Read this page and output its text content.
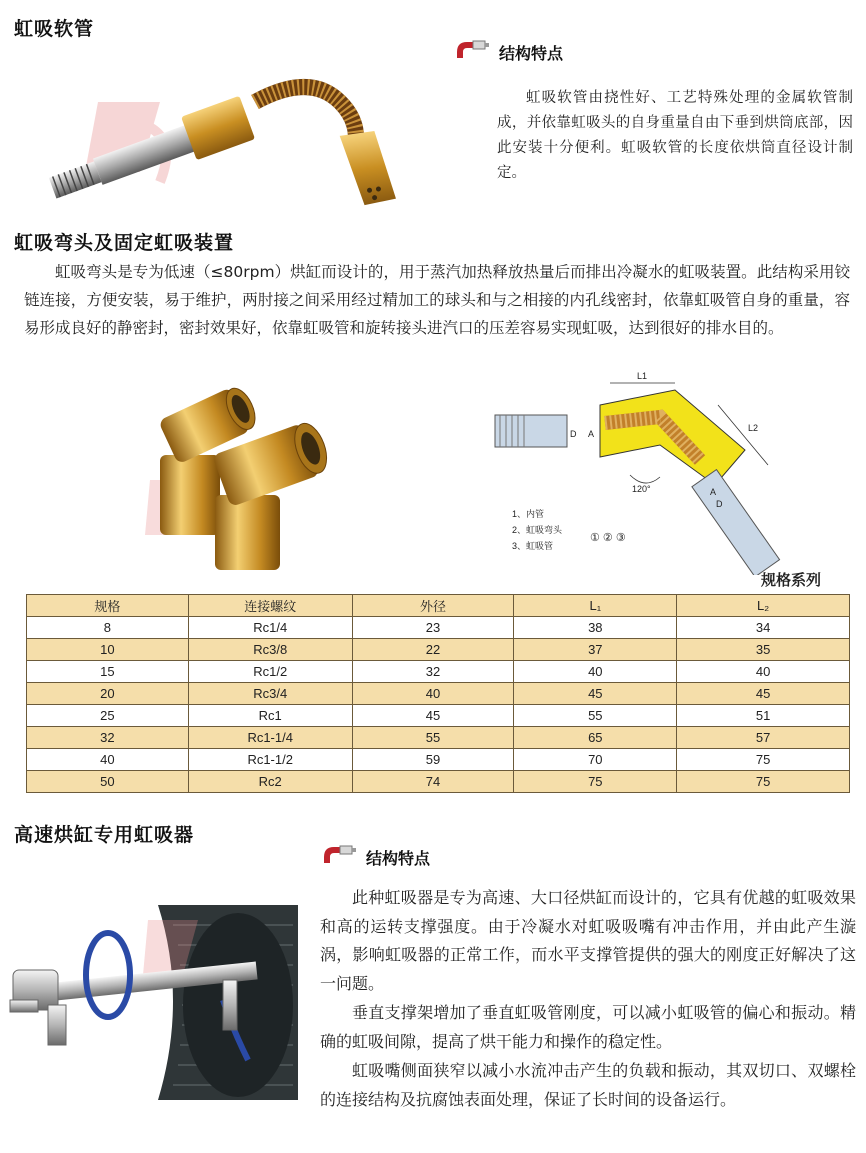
虹吸软管
结构特点
虹吸软管由挠性好、工艺特殊处理的金属软管制成，并依靠虹吸头的自身重量自由下垂到烘筒底部，因此安装十分便利。虹吸软管的长度依烘筒直径设计制定。
虹吸弯头及固定虹吸装置
虹吸弯头是专为低速（≤80rpm）烘缸而设计的，用于蒸汽加热释放热量后而排出冷凝水的虹吸装置。此结构采用铰链连接，方便安装，易于维护，两肘接之间采用经过精加工的球头和与之相接的内孔线密封，依靠虹吸管自身的重量，容易形成良好的静密封，密封效果好，依靠虹吸管和旋转接头进汽口的压差容易实现虹吸，达到很好的排水目的。
L1
L2
D A
A
D
120°
① ② ③
1、内管
2、虹吸弯头
3、虹吸管
规格系列
规格	连接螺纹	外径	L₁	L₂
8	Rc1/4	23	38	34
10	Rc3/8	22	37	35
15	Rc1/2	32	40	40
20	Rc3/4	40	45	45
25	Rc1	45	55	51
32	Rc1-1/4	55	65	57
40	Rc1-1/2	59	70	75
50	Rc2	74	75	75
高速烘缸专用虹吸器
结构特点
此种虹吸器是专为高速、大口径烘缸而设计的，它具有优越的虹吸效果和高的运转支撑强度。由于冷凝水对虹吸吸嘴有冲击作用，并由此产生漩涡，影响虹吸器的正常工作，而水平支撑管提供的强大的刚度正好解决了这一问题。
垂直支撑架增加了垂直虹吸管刚度，可以减小虹吸管的偏心和振动。精确的虹吸间隙，提高了烘干能力和操作的稳定性。
虹吸嘴侧面狭窄以减小水流冲击产生的负载和振动，其双切口、双螺栓的连接结构及抗腐蚀表面处理，保证了长时间的设备运行。
